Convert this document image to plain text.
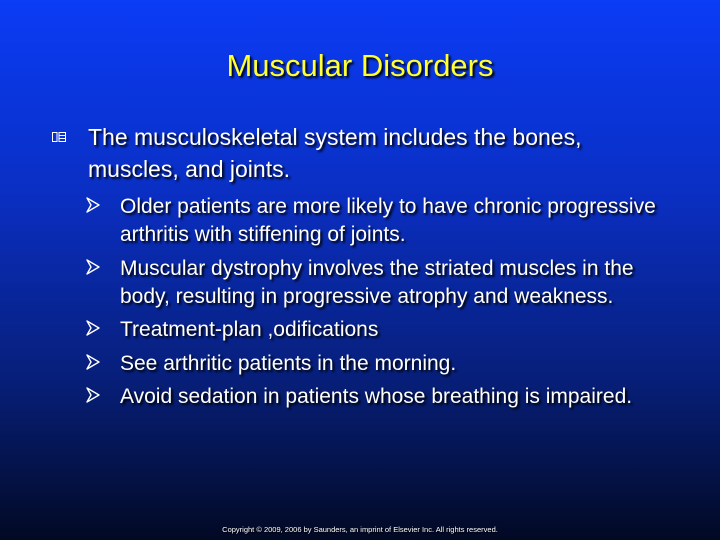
Muscular Disorders
The musculoskeletal system includes the bones, muscles, and joints.
Older patients are more likely to have chronic progressive arthritis with stiffening of joints.
Muscular dystrophy involves the striated muscles in the body, resulting in progressive atrophy and weakness.
Treatment-plan ,odifications
See arthritic patients in the morning.
Avoid sedation in patients whose breathing is impaired.
Copyright © 2009, 2006 by Saunders, an imprint of Elsevier Inc. All rights reserved.
